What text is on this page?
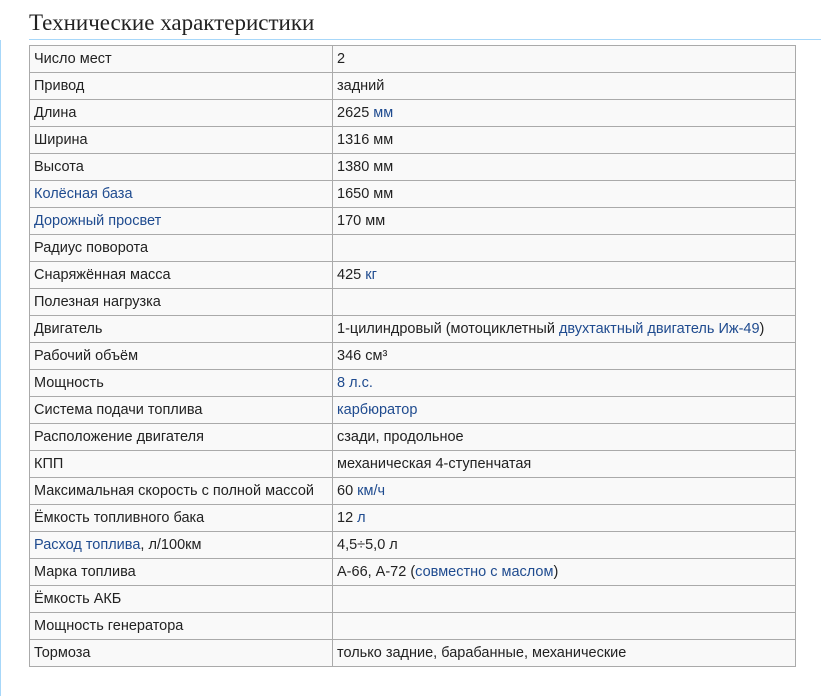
Технические характеристики
Число мест	2
Привод	задний
Длина	2625 мм
Ширина	1316 мм
Высота	1380 мм
Колёсная база	1650 мм
Дорожный просвет	170 мм
Радиус поворота	
Снаряжённая масса	425 кг
Полезная нагрузка	
Двигатель	1-цилиндровый (мотоциклетный двухтактный двигатель Иж-49)
Рабочий объём	346 см³
Мощность	8 л.с.
Система подачи топлива	карбюратор
Расположение двигателя	сзади, продольное
КПП	механическая 4-ступенчатая
Максимальная скорость с полной массой	60 км/ч
Ёмкость топливного бака	12 л
Расход топлива, л/100км	4,5÷5,0 л
Марка топлива	А-66, А-72 (совместно с маслом)
Ёмкость АКБ	
Мощность генератора	
Тормоза	только задние, барабанные, механические
